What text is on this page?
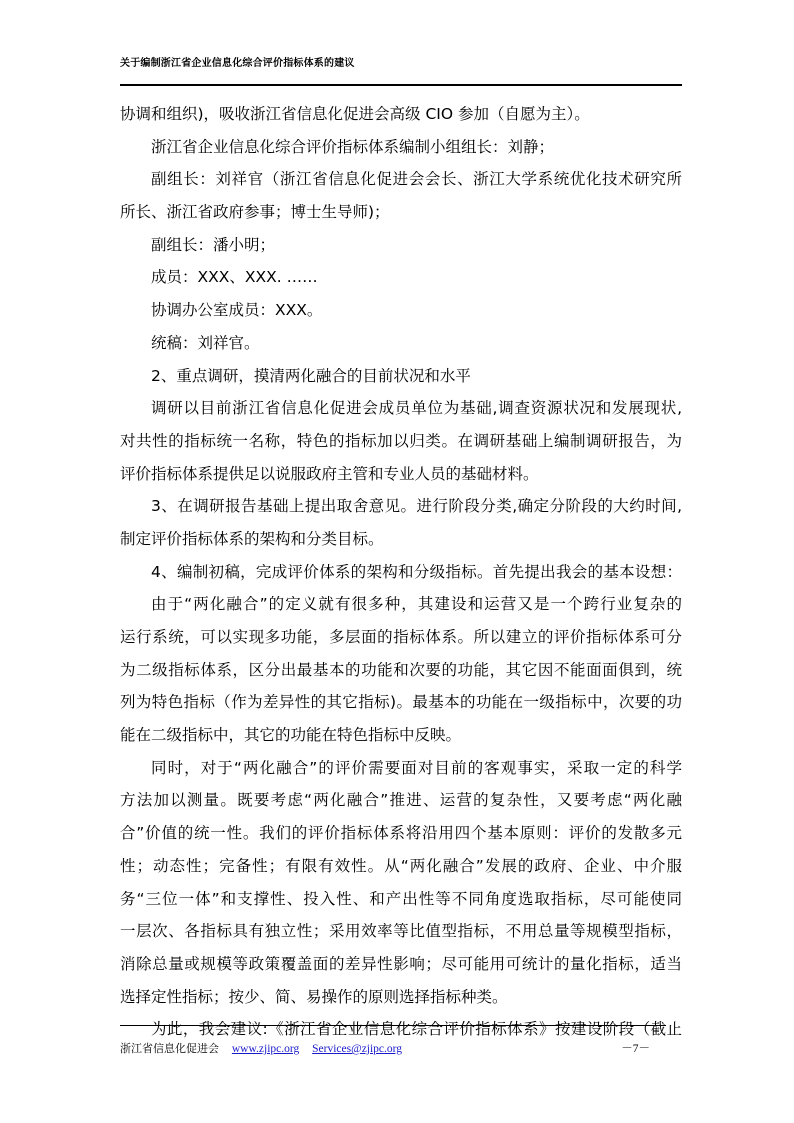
关于编制浙江省企业信息化综合评价指标体系的建议
协调和组织)，吸收浙江省信息化促进会高级 CIO 参加（自愿为主）。
浙江省企业信息化综合评价指标体系编制小组组长：刘静；
副组长：刘祥官（浙江省信息化促进会会长、浙江大学系统优化技术研究所
所长、浙江省政府参事；博士生导师)；
副组长：潘小明；
成员：XXX、XXX. ……
协调办公室成员：XXX。
统稿：刘祥官。
2、重点调研，摸清两化融合的目前状况和水平
调研以目前浙江省信息化促进会成员单位为基础,调查资源状况和发展现状,
对共性的指标统一名称，特色的指标加以归类。在调研基础上编制调研报告，为
评价指标体系提供足以说服政府主管和专业人员的基础材料。
3、在调研报告基础上提出取舍意见。进行阶段分类,确定分阶段的大约时间,
制定评价指标体系的架构和分类目标。
4、编制初稿，完成评价体系的架构和分级指标。首先提出我会的基本设想：
由于“两化融合”的定义就有很多种，其建设和运营又是一个跨行业复杂的
运行系统，可以实现多功能，多层面的指标体系。所以建立的评价指标体系可分
为二级指标体系，区分出最基本的功能和次要的功能，其它因不能面面俱到，统
列为特色指标（作为差异性的其它指标)。最基本的功能在一级指标中，次要的功
能在二级指标中，其它的功能在特色指标中反映。
同时，对于“两化融合”的评价需要面对目前的客观事实，采取一定的科学
方法加以测量。既要考虑“两化融合”推进、运营的复杂性，又要考虑“两化融
合”价值的统一性。我们的评价指标体系将沿用四个基本原则：评价的发散多元
性；动态性；完备性；有限有效性。从“两化融合”发展的政府、企业、中介服
务“三位一体”和支撑性、投入性、和产出性等不同角度选取指标，尽可能使同
一层次、各指标具有独立性；采用效率等比值型指标，不用总量等规模型指标，
消除总量或规模等政策覆盖面的差异性影响；尽可能用可统计的量化指标，适当
选择定性指标；按少、简、易操作的原则选择指标种类。
为此，我会建议:《浙江省企业信息化综合评价指标体系》按建设阶段（截止
浙江省信息化促进会 www.zjipc.org Services@zjipc.org	－7－
